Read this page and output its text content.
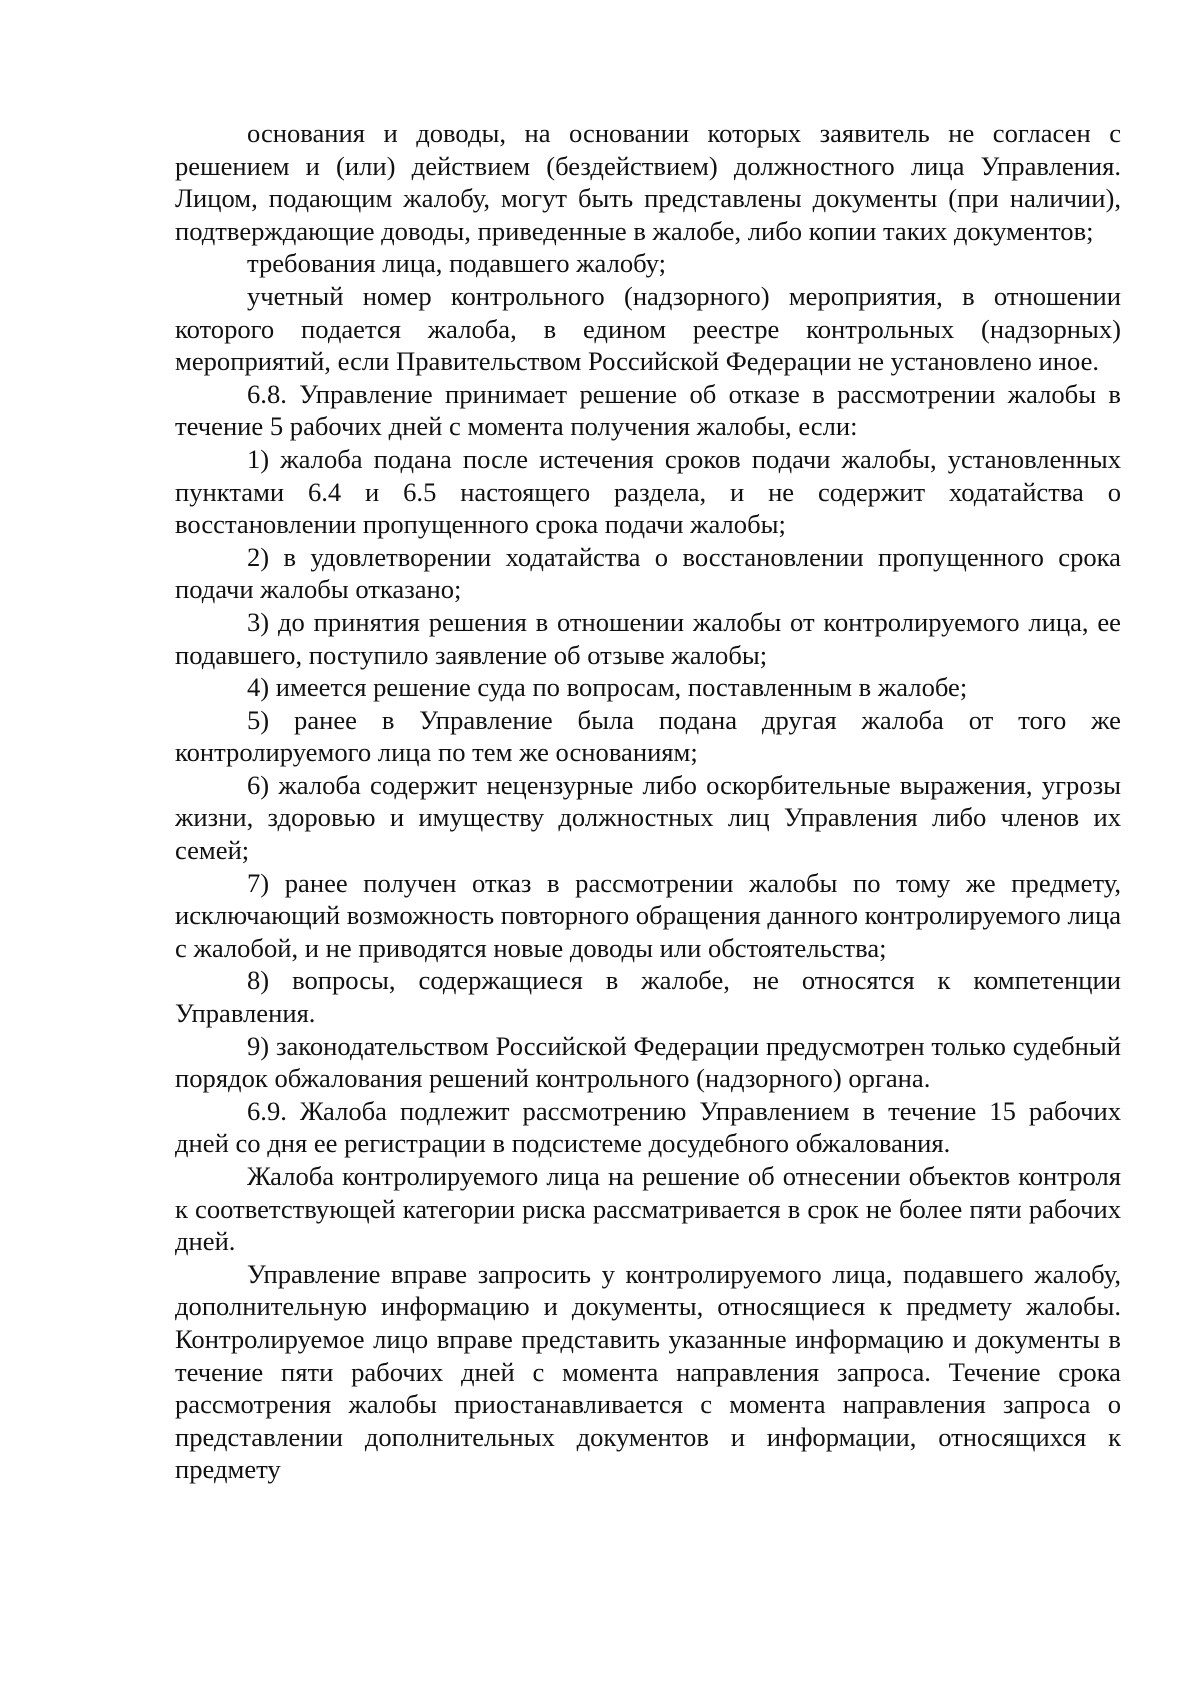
основания и доводы, на основании которых заявитель не согласен с решением и (или) действием (бездействием) должностного лица Управления. Лицом, подающим жалобу, могут быть представлены документы (при наличии), подтверждающие доводы, приведенные в жалобе, либо копии таких документов;

требования лица, подавшего жалобу;

учетный номер контрольного (надзорного) мероприятия, в отношении которого подается жалоба, в едином реестре контрольных (надзорных) мероприятий, если Правительством Российской Федерации не установлено иное.

6.8. Управление принимает решение об отказе в рассмотрении жалобы в течение 5 рабочих дней с момента получения жалобы, если:

1) жалоба подана после истечения сроков подачи жалобы, установленных пунктами 6.4 и 6.5 настоящего раздела, и не содержит ходатайства о восстановлении пропущенного срока подачи жалобы;

2) в удовлетворении ходатайства о восстановлении пропущенного срока подачи жалобы отказано;

3) до принятия решения в отношении жалобы от контролируемого лица, ее подавшего, поступило заявление об отзыве жалобы;

4) имеется решение суда по вопросам, поставленным в жалобе;

5) ранее в Управление была подана другая жалоба от того же контролируемого лица по тем же основаниям;

6) жалоба содержит нецензурные либо оскорбительные выражения, угрозы жизни, здоровью и имуществу должностных лиц Управления либо членов их семей;

7) ранее получен отказ в рассмотрении жалобы по тому же предмету, исключающий возможность повторного обращения данного контролируемого лица с жалобой, и не приводятся новые доводы или обстоятельства;

8) вопросы, содержащиеся в жалобе, не относятся к компетенции Управления.

9) законодательством Российской Федерации предусмотрен только судебный порядок обжалования решений контрольного (надзорного) органа.

6.9. Жалоба подлежит рассмотрению Управлением в течение 15 рабочих дней со дня ее регистрации в подсистеме досудебного обжалования.

Жалоба контролируемого лица на решение об отнесении объектов контроля к соответствующей категории риска рассматривается в срок не более пяти рабочих дней.

Управление вправе запросить у контролируемого лица, подавшего жалобу, дополнительную информацию и документы, относящиеся к предмету жалобы. Контролируемое лицо вправе представить указанные информацию и документы в течение пяти рабочих дней с момента направления запроса. Течение срока рассмотрения жалобы приостанавливается с момента направления запроса о представлении дополнительных документов и информации, относящихся к предмету
